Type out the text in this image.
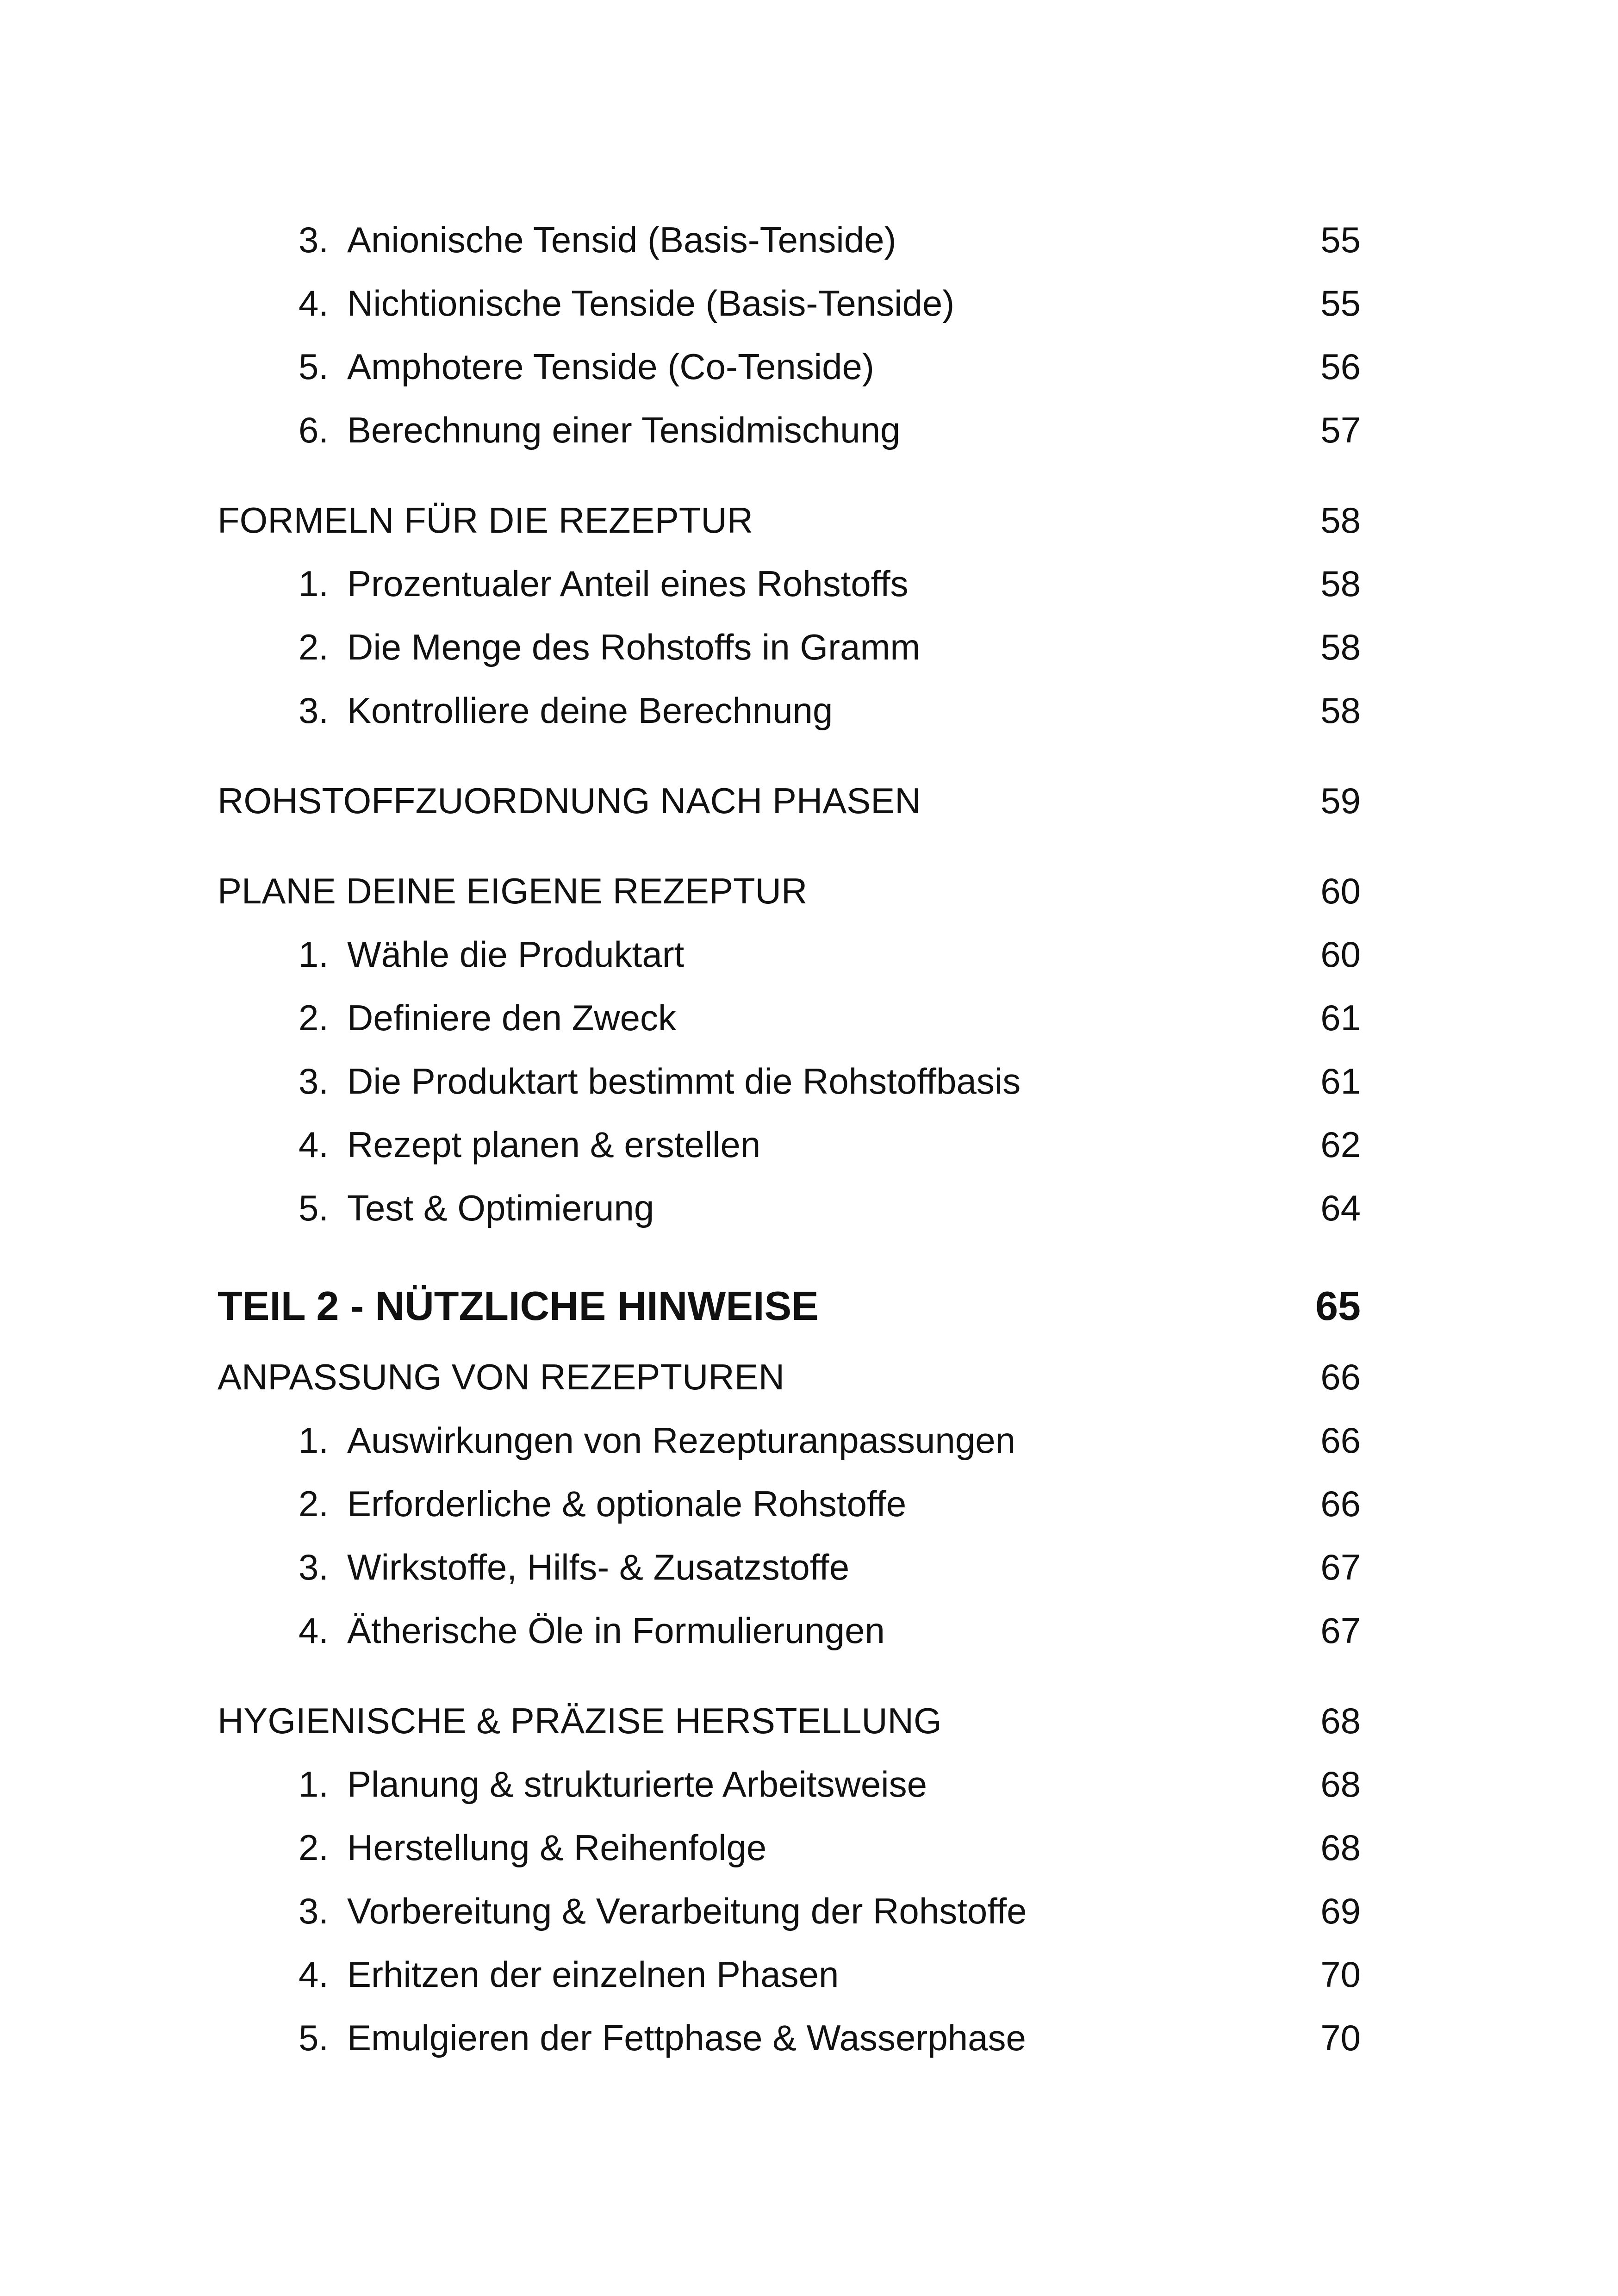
3. Anionische Tensid (Basis-Tenside)	55
4. Nichtionische Tenside (Basis-Tenside)	55
5. Amphotere Tenside (Co-Tenside)	56
6. Berechnung einer Tensidmischung	57
FORMELN FÜR DIE REZEPTUR	58
1. Prozentualer Anteil eines Rohstoffs	58
2. Die Menge des Rohstoffs in Gramm	58
3. Kontrolliere deine Berechnung	58
ROHSTOFFZUORDNUNG NACH PHASEN	59
PLANE DEINE EIGENE REZEPTUR	60
1. Wähle die Produktart	60
2. Definiere den Zweck	61
3. Die Produktart bestimmt die Rohstoffbasis	61
4. Rezept planen & erstellen	62
5. Test & Optimierung	64
TEIL 2 - NÜTZLICHE HINWEISE	65
ANPASSUNG VON REZEPTUREN	66
1. Auswirkungen von Rezepturanpassungen	66
2. Erforderliche & optionale Rohstoffe	66
3. Wirkstoffe, Hilfs- & Zusatzstoffe	67
4. Ätherische Öle in Formulierungen	67
HYGIENISCHE & PRÄZISE HERSTELLUNG	68
1. Planung & strukturierte Arbeitsweise	68
2. Herstellung & Reihenfolge	68
3. Vorbereitung & Verarbeitung der Rohstoffe	69
4. Erhitzen der einzelnen Phasen	70
5. Emulgieren der Fettphase & Wasserphase	70
